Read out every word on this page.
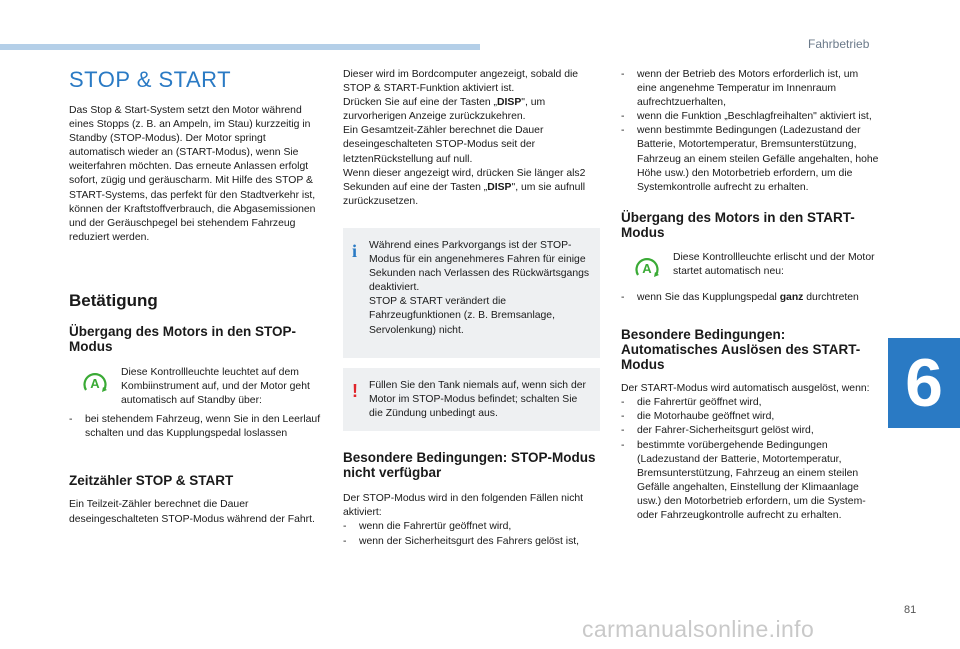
Fahrbetrieb
6
81
carmanualsonline.info
STOP & START

Das Stop & Start-System setzt den Motor während eines Stopps (z. B. an Ampeln, im Stau) kurzzeitig in Standby (STOP-Modus). Der Motor springt automatisch wieder an (START-Modus), wenn Sie weiterfahren möchten. Das erneute Anlassen erfolgt sofort, zügig und geräuscharm. Mit Hilfe des STOP & START-Systems, das perfekt für den Stadtverkehr ist, können der Kraftstoffverbrauch, die Abgasemissionen und der Geräuschpegel bei stehendem Fahrzeug reduziert werden.

Betätigung
Übergang des Motors in den STOP-Modus
A

Diese Kontrollleuchte leuchtet auf dem Kombiinstrument auf, und der Motor geht automatisch auf Standby über:

- bei stehendem Fahrzeug, wenn Sie in den Leerlauf schalten und das Kupplungspedal loslassen
Zeitzähler STOP & START

Ein Teilzeit-Zähler berechnet die Dauer deseingeschalteten STOP-Modus während der Fahrt.

Dieser wird im Bordcomputer angezeigt, sobald die STOP & START-Funktion aktiviert ist.

Drücken Sie auf eine der Tasten „DISP", um zurvorherigen Anzeige zurückzukehren.

Ein Gesamtzeit-Zähler berechnet die Dauer deseingeschalteten STOP-Modus seit der letztenRückstellung auf null.

Wenn dieser angezeigt wird, drücken Sie länger als2 Sekunden auf eine der Tasten „DISP", um sie aufnull zurückzusetzen.

i Während eines Parkvorgangs ist der STOP-Modus für ein angenehmeres Fahren für einige Sekunden nach Verlassen des Rückwärtsgangs deaktiviert.

STOP & START verändert die Fahrzeugfunktionen (z. B. Bremsanlage, Servolenkung) nicht.

! Füllen Sie den Tank niemals auf, wenn sich der Motor im STOP-Modus befindet; schalten Sie die Zündung unbedingt aus.

Besondere Bedingungen: STOP-Modus nicht verfügbar

Der STOP-Modus wird in den folgenden Fällen nicht aktiviert:

- wenn die Fahrertür geöffnet wird,
- wenn der Sicherheitsgurt des Fahrers gelöst ist,
- wenn der Betrieb des Motors erforderlich ist, um eine angenehme Temperatur im Innenraum aufrechtzuerhalten,
- wenn die Funktion „Beschlagfreihalten" aktiviert ist,
- wenn bestimmte Bedingungen (Ladezustand der Batterie, Motortemperatur, Bremsunterstützung, Fahrzeug an einem steilen Gefälle angehalten, hohe Höhe usw.) den Motorbetrieb erfordern, um die Systemkontrolle aufrecht zu erhalten.
Übergang des Motors in den START-Modus
A

Diese Kontrollleuchte erlischt und der Motor startet automatisch neu:

- wenn Sie das Kupplungspedal ganz durchtreten
Besondere Bedingungen: Automatisches Auslösen des START-Modus

Der START-Modus wird automatisch ausgelöst, wenn:

- die Fahrertür geöffnet wird,
- die Motorhaube geöffnet wird,
- der Fahrer-Sicherheitsgurt gelöst wird,
- bestimmte vorübergehende Bedingungen (Ladezustand der Batterie, Motortemperatur, Bremsunterstützung, Fahrzeug an einem steilen Gefälle angehalten, Einstellung der Klimaanlage usw.) den Motorbetrieb erfordern, um die System- oder Fahrzeugkontrolle aufrecht zu erhalten.
